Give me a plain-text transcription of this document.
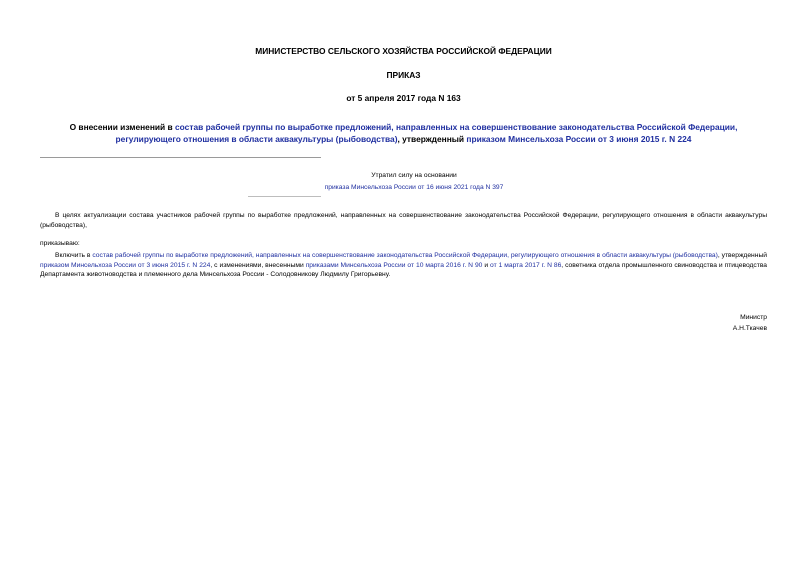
МИНИСТЕРСТВО СЕЛЬСКОГО ХОЗЯЙСТВА РОССИЙСКОЙ ФЕДЕРАЦИИ
ПРИКАЗ
от 5 апреля 2017 года N 163
О внесении изменений в состав рабочей группы по выработке предложений, направленных на совершенствование законодательства Российской Федерации, регулирующего отношения в области аквакультуры (рыбоводства), утвержденный приказом Минсельхоза России от 3 июня 2015 г. N 224
Утратил силу на основании
приказа Минсельхоза России от 16 июня 2021 года N 397
В целях актуализации состава участников рабочей группы по выработке предложений, направленных на совершенствование законодательства Российской Федерации, регулирующего отношения в области аквакультуры (рыбоводства),
приказываю:
Включить в состав рабочей группы по выработке предложений, направленных на совершенствование законодательства Российской Федерации, регулирующего отношения в области аквакультуры (рыбоводства), утвержденный приказом Минсельхоза России от 3 июня 2015 г. N 224, с изменениями, внесенными приказами Минсельхоза России от 10 марта 2016 г. N 90 и от 1 марта 2017 г. N 86, советника отдела промышленного свиноводства и птицеводства Департамента животноводства и племенного дела Минсельхоза России - Солодовникову Людмилу Григорьевну.
Министр
А.Н.Ткачев
